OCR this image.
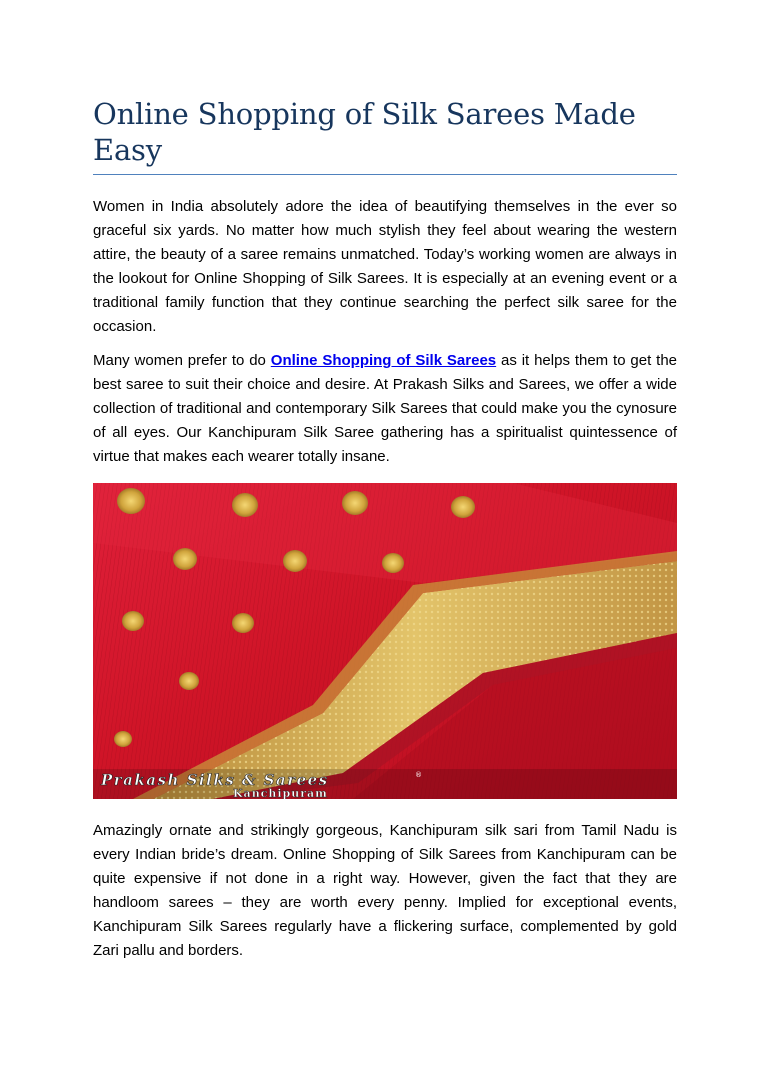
Online Shopping of Silk Sarees Made Easy

Women in India absolutely adore the idea of beautifying themselves in the ever so graceful six yards. No matter how much stylish they feel about wearing the western attire, the beauty of a saree remains unmatched. Today’s working women are always in the lookout for Online Shopping of Silk Sarees. It is especially at an evening event or a traditional family function that they continue searching the perfect silk saree for the occasion.

Many women prefer to do Online Shopping of Silk Sarees as it helps them to get the best saree to suit their choice and desire. At Prakash Silks and Sarees, we offer a wide collection of traditional and contemporary Silk Sarees that could make you the cynosure of all eyes. Our Kanchipuram Silk Saree gathering has a spiritualist quintessence of virtue that makes each wearer totally insane.

Prakash Silks & Sarees	®
Kanchipuram

Amazingly ornate and strikingly gorgeous, Kanchipuram silk sari from Tamil Nadu is every Indian bride’s dream. Online Shopping of Silk Sarees from Kanchipuram can be quite expensive if not done in a right way. However, given the fact that they are handloom sarees – they are worth every penny. Implied for exceptional events, Kanchipuram Silk Sarees regularly have a flickering surface, complemented by gold Zari pallu and borders.
